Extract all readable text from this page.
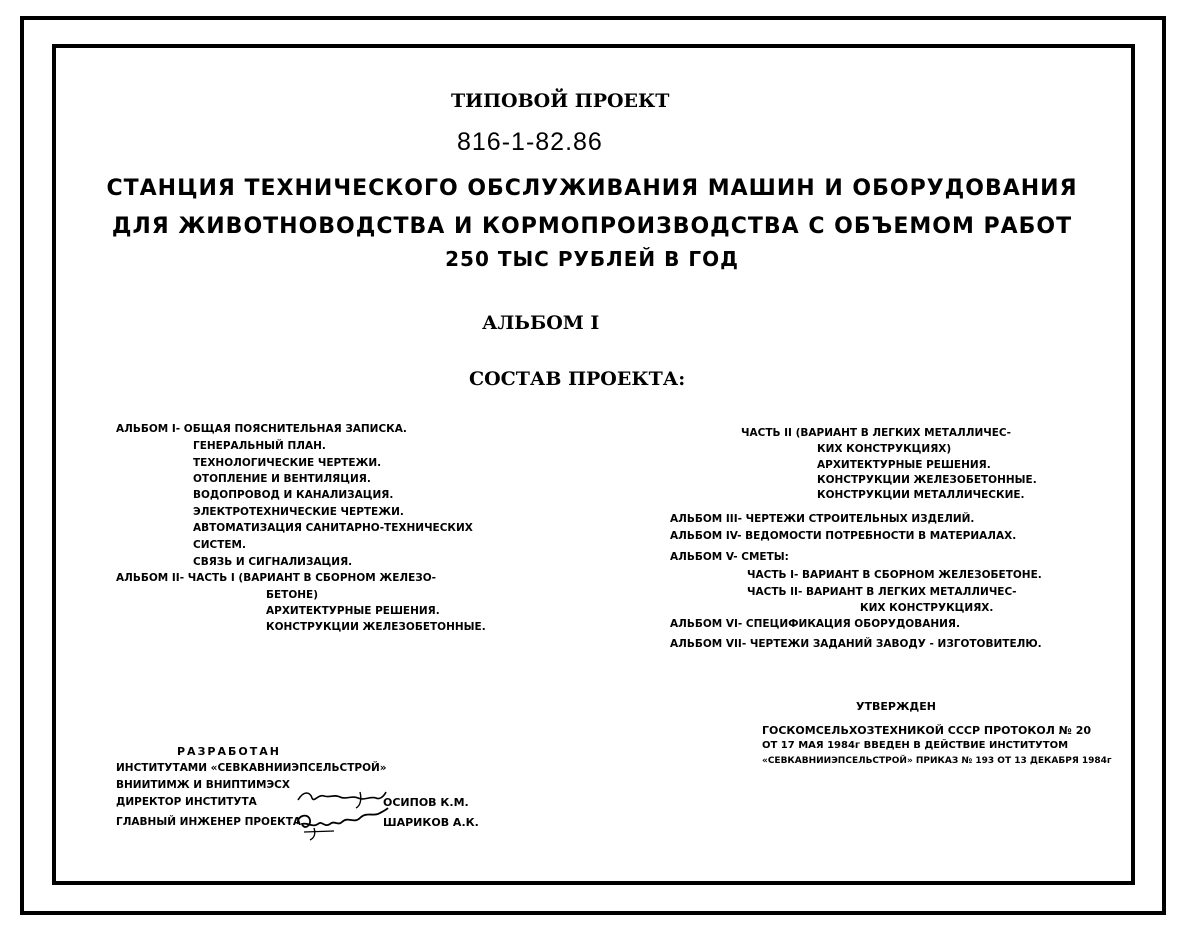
ТИПОВОЙ ПРОЕКТ
816-1-82.86
СТАНЦИЯ ТЕХНИЧЕСКОГО ОБСЛУЖИВАНИЯ МАШИН И ОБОРУДОВАНИЯ
ДЛЯ ЖИВОТНОВОДСТВА И КОРМОПРОИЗВОДСТВА С ОБЪЕМОМ РАБОТ
250 ТЫС РУБЛЕЙ В ГОД
АЛЬБОМ I
СОСТАВ ПРОЕКТА:
АЛЬБОМ I- ОБЩАЯ ПОЯСНИТЕЛЬНАЯ ЗАПИСКА.
ГЕНЕРАЛЬНЫЙ ПЛАН.
ТЕХНОЛОГИЧЕСКИЕ ЧЕРТЕЖИ.
ОТОПЛЕНИЕ И ВЕНТИЛЯЦИЯ.
ВОДОПРОВОД И КАНАЛИЗАЦИЯ.
ЭЛЕКТРОТЕХНИЧЕСКИЕ ЧЕРТЕЖИ.
АВТОМАТИЗАЦИЯ САНИТАРНО-ТЕХНИЧЕСКИХ
СИСТЕМ.
СВЯЗЬ И СИГНАЛИЗАЦИЯ.
АЛЬБОМ II- ЧАСТЬ I (ВАРИАНТ В СБОРНОМ ЖЕЛЕЗО-
БЕТОНЕ)
АРХИТЕКТУРНЫЕ РЕШЕНИЯ.
КОНСТРУКЦИИ ЖЕЛЕЗОБЕТОННЫЕ.
ЧАСТЬ II (ВАРИАНТ В ЛЕГКИХ МЕТАЛЛИЧЕС-
КИХ КОНСТРУКЦИЯХ)
АРХИТЕКТУРНЫЕ РЕШЕНИЯ.
КОНСТРУКЦИИ ЖЕЛЕЗОБЕТОННЫЕ.
КОНСТРУКЦИИ МЕТАЛЛИЧЕСКИЕ.
АЛЬБОМ III- ЧЕРТЕЖИ СТРОИТЕЛЬНЫХ ИЗДЕЛИЙ.
АЛЬБОМ IV- ВЕДОМОСТИ ПОТРЕБНОСТИ В МАТЕРИАЛАХ.
АЛЬБОМ V- СМЕТЫ:
ЧАСТЬ I- ВАРИАНТ В СБОРНОМ ЖЕЛЕЗОБЕТОНЕ.
ЧАСТЬ II- ВАРИАНТ В ЛЕГКИХ МЕТАЛЛИЧЕС-
КИХ КОНСТРУКЦИЯХ.
АЛЬБОМ VI- СПЕЦИФИКАЦИЯ ОБОРУДОВАНИЯ.
АЛЬБОМ VII- ЧЕРТЕЖИ ЗАДАНИЙ ЗАВОДУ - ИЗГОТОВИТЕЛЮ.
УТВЕРЖДЕН
ГОСКОМСЕЛЬХОЗТЕХНИКОЙ СССР ПРОТОКОЛ № 20
ОТ 17 МАЯ 1984г ВВЕДЕН В ДЕЙСТВИЕ ИНСТИТУТОМ
«СЕВКАВНИИЭПСЕЛЬСТРОЙ» ПРИКАЗ № 193 ОТ 13 ДЕКАБРЯ 1984г
РАЗРАБОТАН
ИНСТИТУТАМИ «СЕВКАВНИИЭПСЕЛЬСТРОЙ»
ВНИИТИМЖ И ВНИПТИМЭСХ
ДИРЕКТОР ИНСТИТУТА	ОСИПОВ К.М.
ГЛАВНЫЙ ИНЖЕНЕР ПРОЕКТА	ШАРИКОВ А.К.
